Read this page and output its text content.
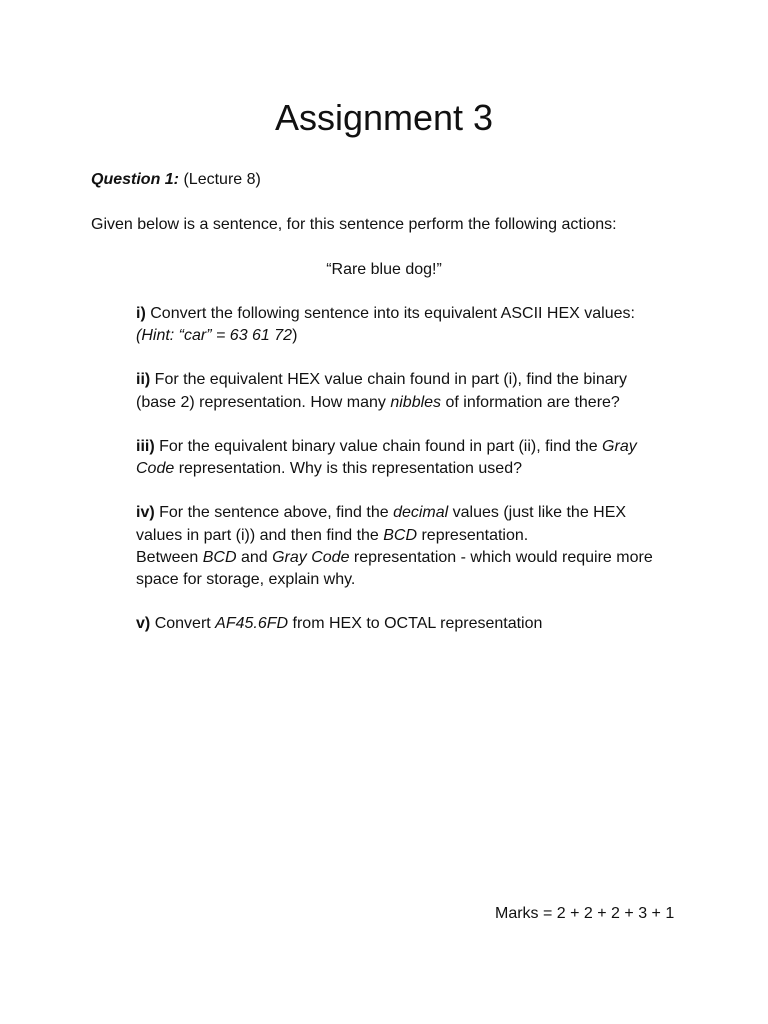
Assignment 3
Question 1: (Lecture 8)
Given below is a sentence, for this sentence perform the following actions:
“Rare blue dog!”
i) Convert the following sentence into its equivalent ASCII HEX values:
(Hint: “car” = 63 61 72)
ii) For the equivalent HEX value chain found in part (i), find the binary
(base 2) representation. How many nibbles of information are there?
iii) For the equivalent binary value chain found in part (ii), find the Gray
Code representation. Why is this representation used?
iv) For the sentence above, find the decimal values (just like the HEX
values in part (i)) and then find the BCD representation.
Between BCD and Gray Code representation - which would require more
space for storage, explain why.
v) Convert AF45.6FD from HEX to OCTAL representation
Marks = 2 + 2 + 2 + 3 + 1
